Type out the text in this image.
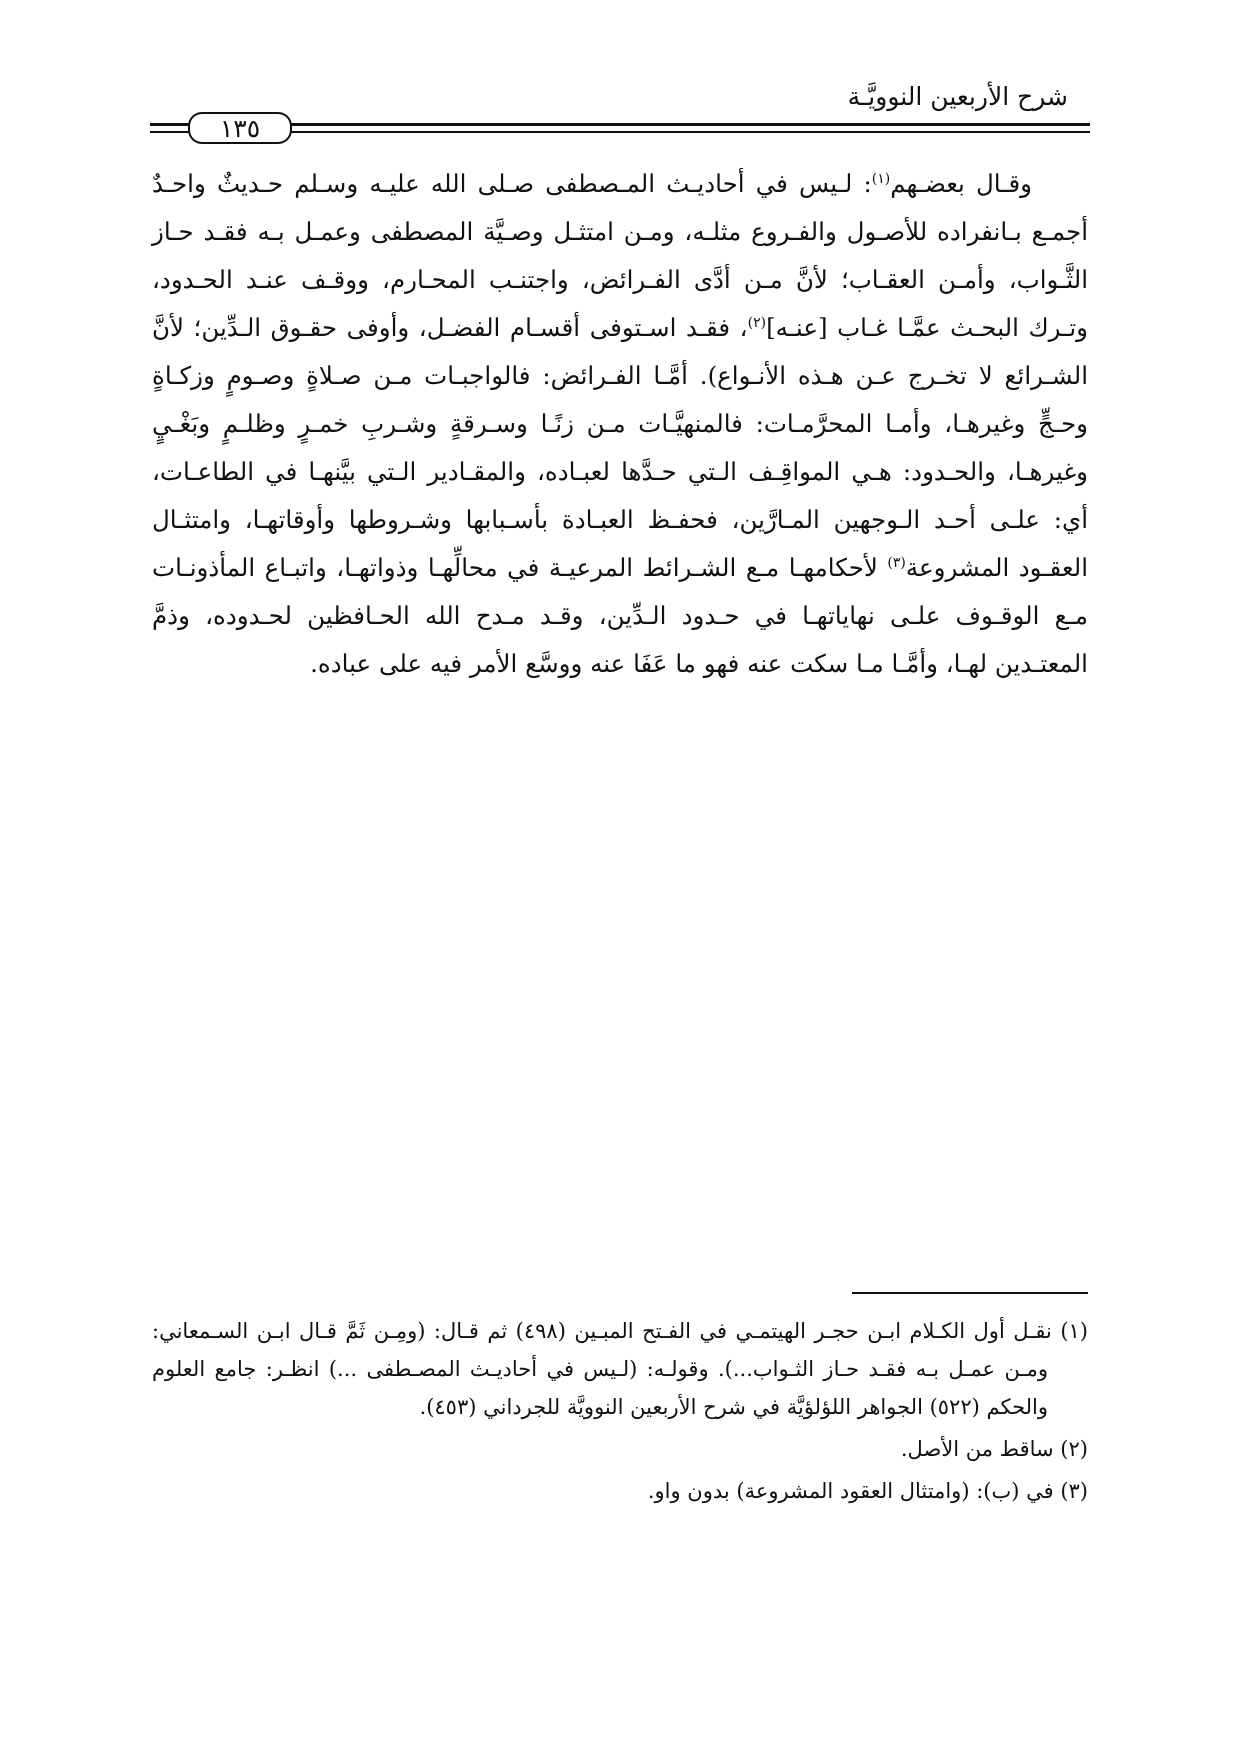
شرح الأربعين النوويَّـة
١٣٥

وقـال بعضـهم$^{(١)}$: لـيس في أحاديـث المـصطفى صـلى الله عليـه وسـلم حـديثٌ واحـدٌ أجمـع بـانفراده للأصـول والفـروع مثلـه، ومـن امتثـل وصـيَّة المصطفى وعمـل بـه فقـد حـاز الثَّـواب، وأمـن العقـاب؛ لأنَّ مـن أدَّى الفـرائض، واجتنـب المحـارم، ووقـف عنـد الحـدود، وتـرك البحـث عمَّـا غـاب [عنـه]$^{(٢)}$، فقـد اسـتوفى أقسـام الفضـل، وأوفى حقـوق الـدِّين؛ لأنَّ الشـرائع لا تخـرج عـن هـذه الأنـواع). أمَّـا الفـرائض: فالواجبـات مـن صـلاةٍ وصـومٍ وزكـاةٍ وحـجٍّ وغيرهـا، وأمـا المحرَّمـات: فالمنهيَّـات مـن زنًـا وسـرقةٍ وشـربِ خمـرٍ وظلـمٍ وبَغْـيٍ وغيرهـا، والحـدود: هـي المواقِـف الـتي حـدَّها لعبـاده، والمقـادير الـتي بيَّنهـا في الطاعـات، أي: علـى أحـد الـوجهين المـارَّين، فحفـظ العبـادة بأسـبابها وشـروطها وأوقاتهـا، وامتثـال العقـود المشروعة$^{(٣)}$ لأحكامهـا مـع الشـرائط المرعيـة في محالِّهـا وذواتهـا، واتبـاع المأذونـات مـع الوقـوف علـى نهاياتهـا في حـدود الـدِّين، وقـد مـدح الله الحـافظين لحـدوده، وذمَّ المعتـدين لهـا، وأمَّـا مـا سكت عنه فهو ما عَفَا عنه ووسَّع الأمر فيه على عباده.

(١) نقـل أول الكـلام ابـن حجـر الهيتمـي في الفـتح المبـين (٤٩٨) ثم قـال: (ومِـن ثَمَّ قـال ابـن السـمعاني: ومـن عمـل بـه فقـد حـاز الثـواب...). وقولـه: (لـيس في أحاديـث المصـطفى ...) انظـر: جامع العلوم والحكم (٥٢٢) الجواهر اللؤلؤيَّة في شرح الأربعين النوويَّة للجرداني (٤٥٣).

(٢) ساقط من الأصل.

(٣) في (ب): (وامتثال العقود المشروعة) بدون واو.
